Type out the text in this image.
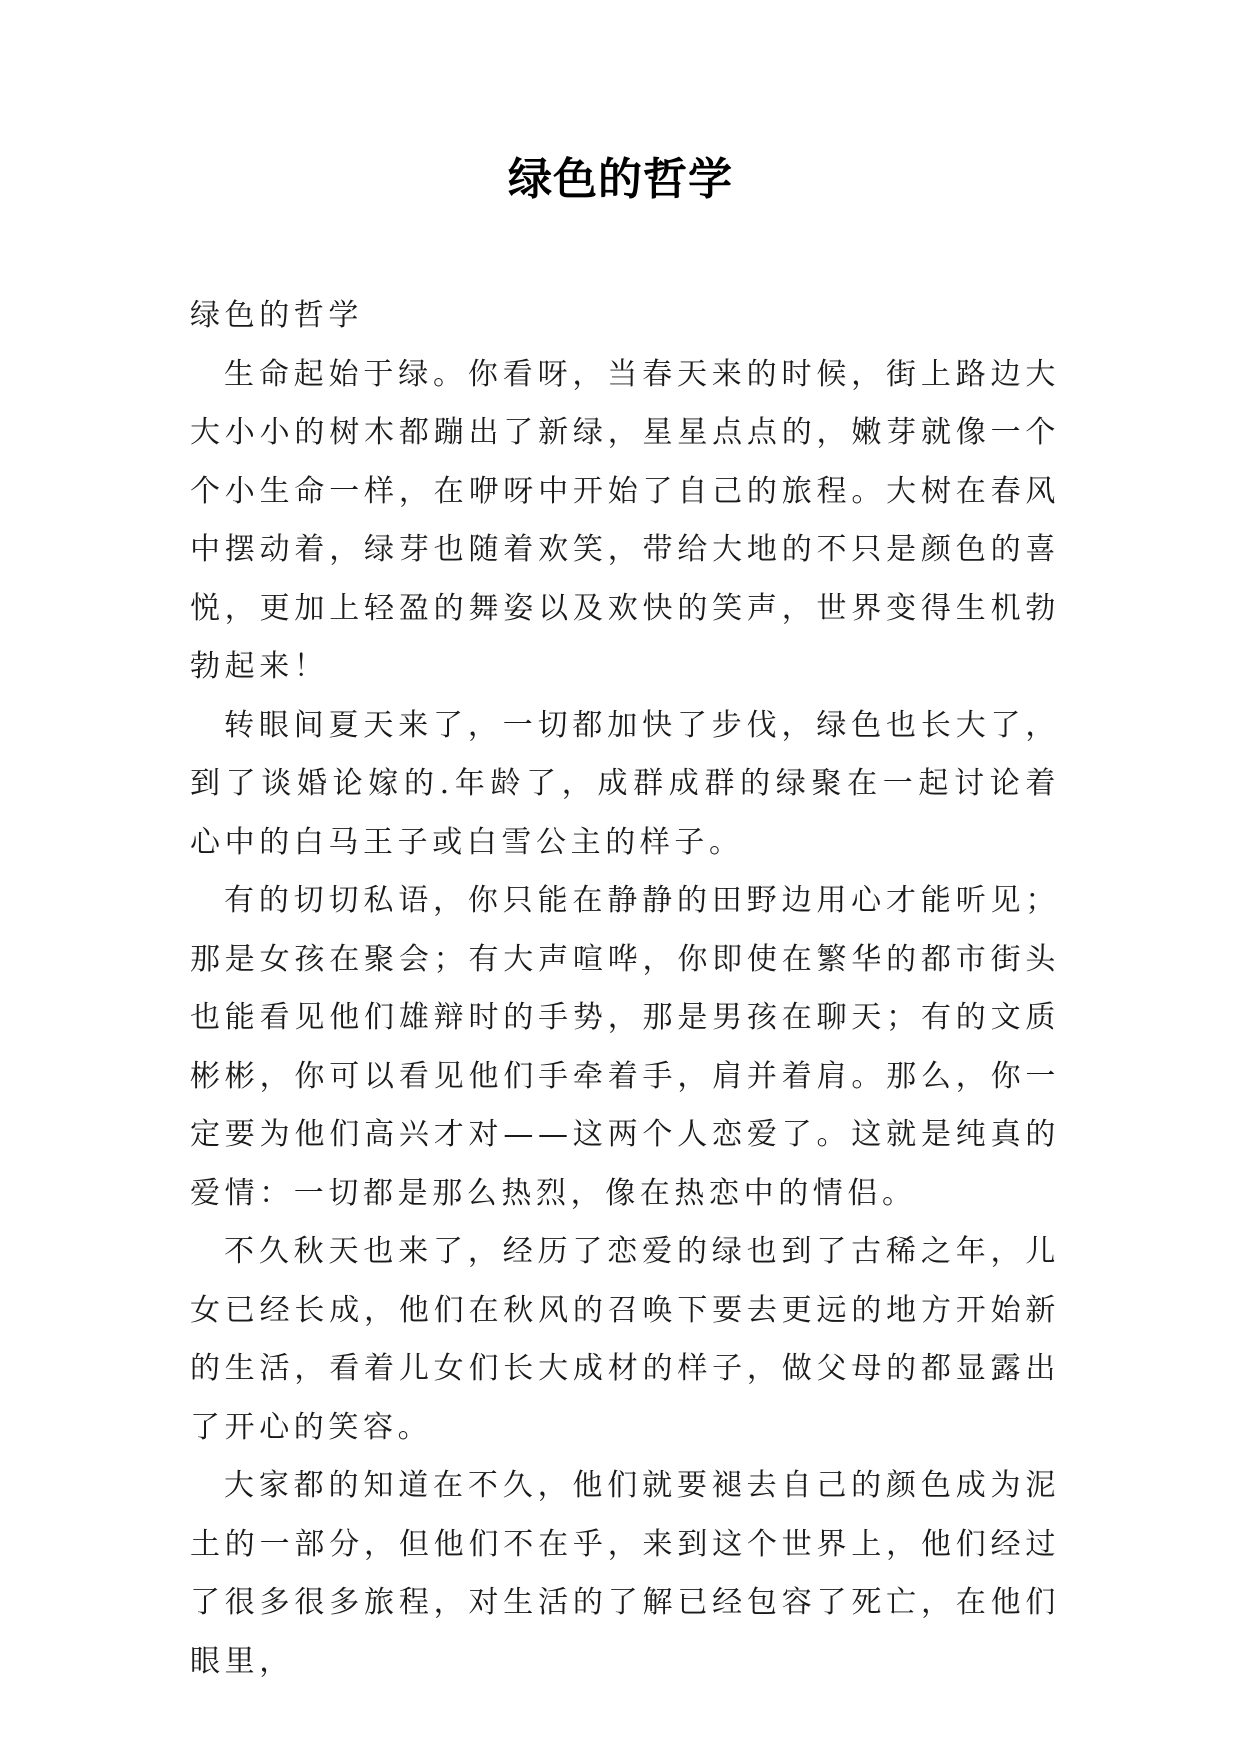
绿色的哲学

绿色的哲学

生命起始于绿。你看呀，当春天来的时候，街上路边大大小小的树木都蹦出了新绿，星星点点的，嫩芽就像一个个小生命一样，在咿呀中开始了自己的旅程。大树在春风中摆动着，绿芽也随着欢笑，带给大地的不只是颜色的喜悦，更加上轻盈的舞姿以及欢快的笑声，世界变得生机勃勃起来！

转眼间夏天来了，一切都加快了步伐，绿色也长大了，到了谈婚论嫁的.年龄了，成群成群的绿聚在一起讨论着心中的白马王子或白雪公主的样子。

有的切切私语，你只能在静静的田野边用心才能听见；那是女孩在聚会；有大声喧哗，你即使在繁华的都市街头也能看见他们雄辩时的手势，那是男孩在聊天；有的文质彬彬，你可以看见他们手牵着手，肩并着肩。那么，你一定要为他们高兴才对——这两个人恋爱了。这就是纯真的爱情：一切都是那么热烈，像在热恋中的情侣。

不久秋天也来了，经历了恋爱的绿也到了古稀之年，儿女已经长成，他们在秋风的召唤下要去更远的地方开始新的生活，看着儿女们长大成材的样子，做父母的都显露出了开心的笑容。

大家都的知道在不久，他们就要褪去自己的颜色成为泥土的一部分，但他们不在乎，来到这个世界上，他们经过了很多很多旅程，对生活的了解已经包容了死亡，在他们眼里，
